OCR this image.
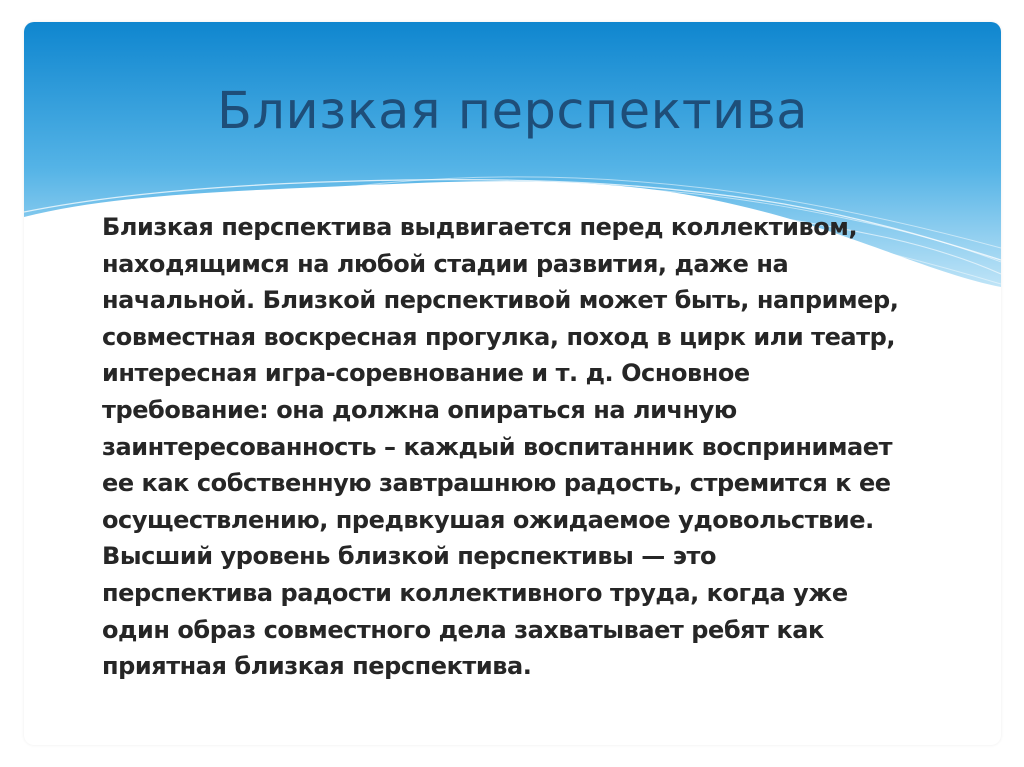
Близкая перспектива
Близкая перспектива выдвигается перед коллективом,
находящимся на любой стадии развития, даже на
начальной. Близкой перспективой может быть, например,
совместная воскресная прогулка, поход в цирк или театр,
интересная игра-соревнование и т. д. Основное
требование: она должна опираться на личную
заинтересованность – каждый воспитанник воспринимает
ее как собственную завтрашнюю радость, стремится к ее
осуществлению, предвкушая ожидаемое удовольствие.
Высший уровень близкой перспективы — это
перспектива радости коллективного труда, когда уже
один образ совместного дела захватывает ребят как
приятная близкая перспектива.
